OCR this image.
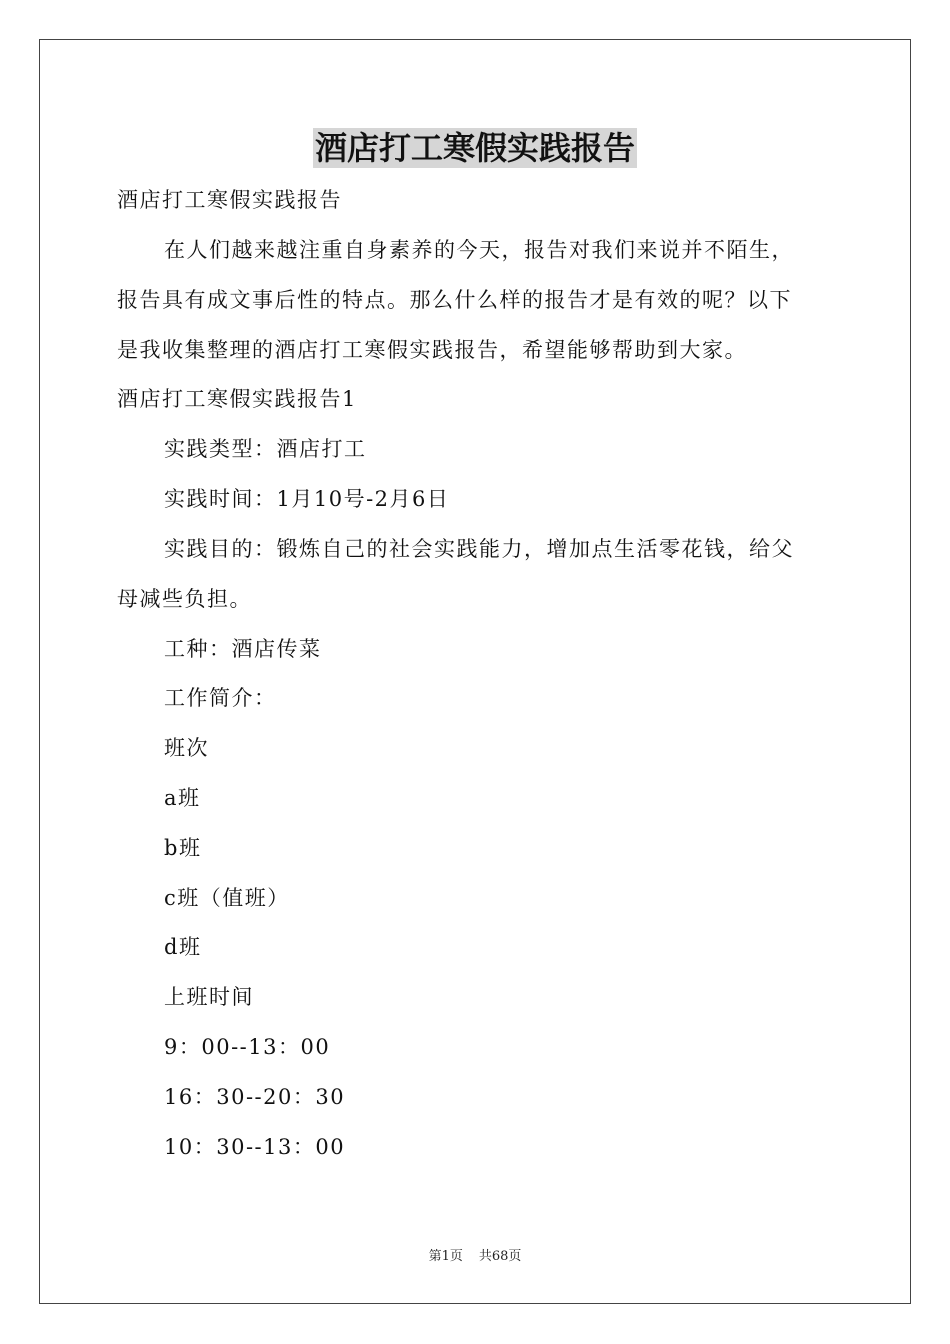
酒店打工寒假实践报告
酒店打工寒假实践报告
在人们越来越注重自身素养的今天，报告对我们来说并不陌生，
报告具有成文事后性的特点。那么什么样的报告才是有效的呢？以下
是我收集整理的酒店打工寒假实践报告，希望能够帮助到大家。
酒店打工寒假实践报告1
实践类型：酒店打工
实践时间：1月10号-2月6日
实践目的：锻炼自己的社会实践能力，增加点生活零花钱，给父
母减些负担。
工种：酒店传菜
工作简介：
班次
a班
b班
c班（值班）
d班
上班时间
9：00--13：00
16：30--20：30
10：30--13：00
第1页 共68页
